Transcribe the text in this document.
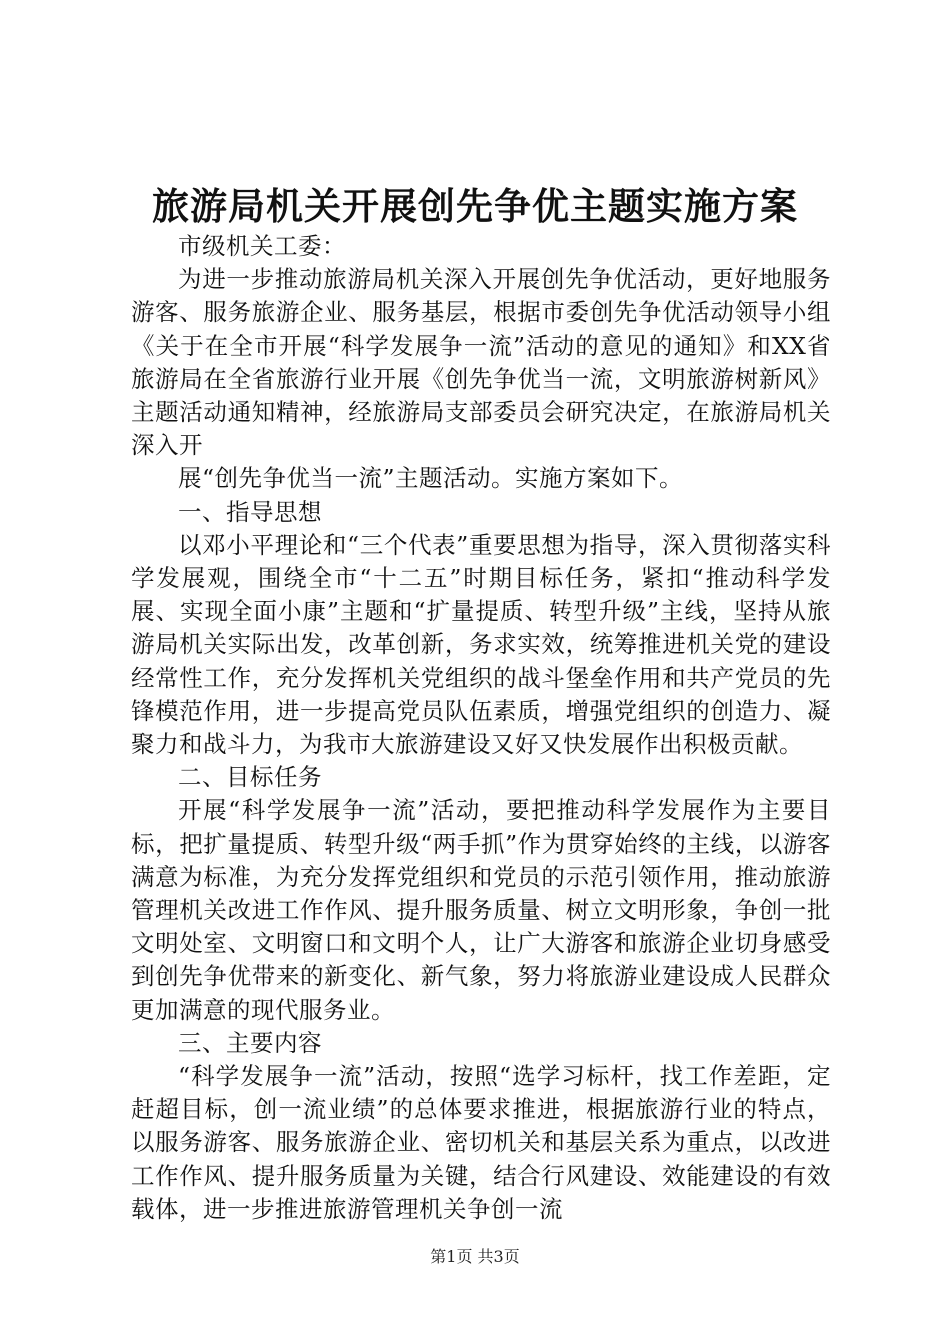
旅游局机关开展创先争优主题实施方案

市级机关工委：

为进一步推动旅游局机关深入开展创先争优活动，更好地服务游客、服务旅游企业、服务基层，根据市委创先争优活动领导小组《关于在全市开展“科学发展争一流”活动的意见的通知》和XX省旅游局在全省旅游行业开展《创先争优当一流，文明旅游树新风》主题活动通知精神，经旅游局支部委员会研究决定，在旅游局机关深入开

展“创先争优当一流”主题活动。实施方案如下。

一、指导思想

以邓小平理论和“三个代表”重要思想为指导，深入贯彻落实科学发展观，围绕全市“十二五”时期目标任务，紧扣“推动科学发展、实现全面小康”主题和“扩量提质、转型升级”主线，坚持从旅游局机关实际出发，改革创新，务求实效，统筹推进机关党的建设经常性工作，充分发挥机关党组织的战斗堡垒作用和共产党员的先锋模范作用，进一步提高党员队伍素质，增强党组织的创造力、凝聚力和战斗力，为我市大旅游建设又好又快发展作出积极贡献。

二、目标任务

开展“科学发展争一流”活动，要把推动科学发展作为主要目标，把扩量提质、转型升级“两手抓”作为贯穿始终的主线，以游客满意为标准，为充分发挥党组织和党员的示范引领作用，推动旅游管理机关改进工作作风、提升服务质量、树立文明形象，争创一批文明处室、文明窗口和文明个人，让广大游客和旅游企业切身感受到创先争优带来的新变化、新气象，努力将旅游业建设成人民群众更加满意的现代服务业。

三、主要内容

“科学发展争一流”活动，按照“选学习标杆，找工作差距，定赶超目标，创一流业绩”的总体要求推进，根据旅游行业的特点，以服务游客、服务旅游企业、密切机关和基层关系为重点，以改进工作作风、提升服务质量为关键，结合行风建设、效能建设的有效载体，进一步推进旅游管理机关争创一流

第1页 共3页
